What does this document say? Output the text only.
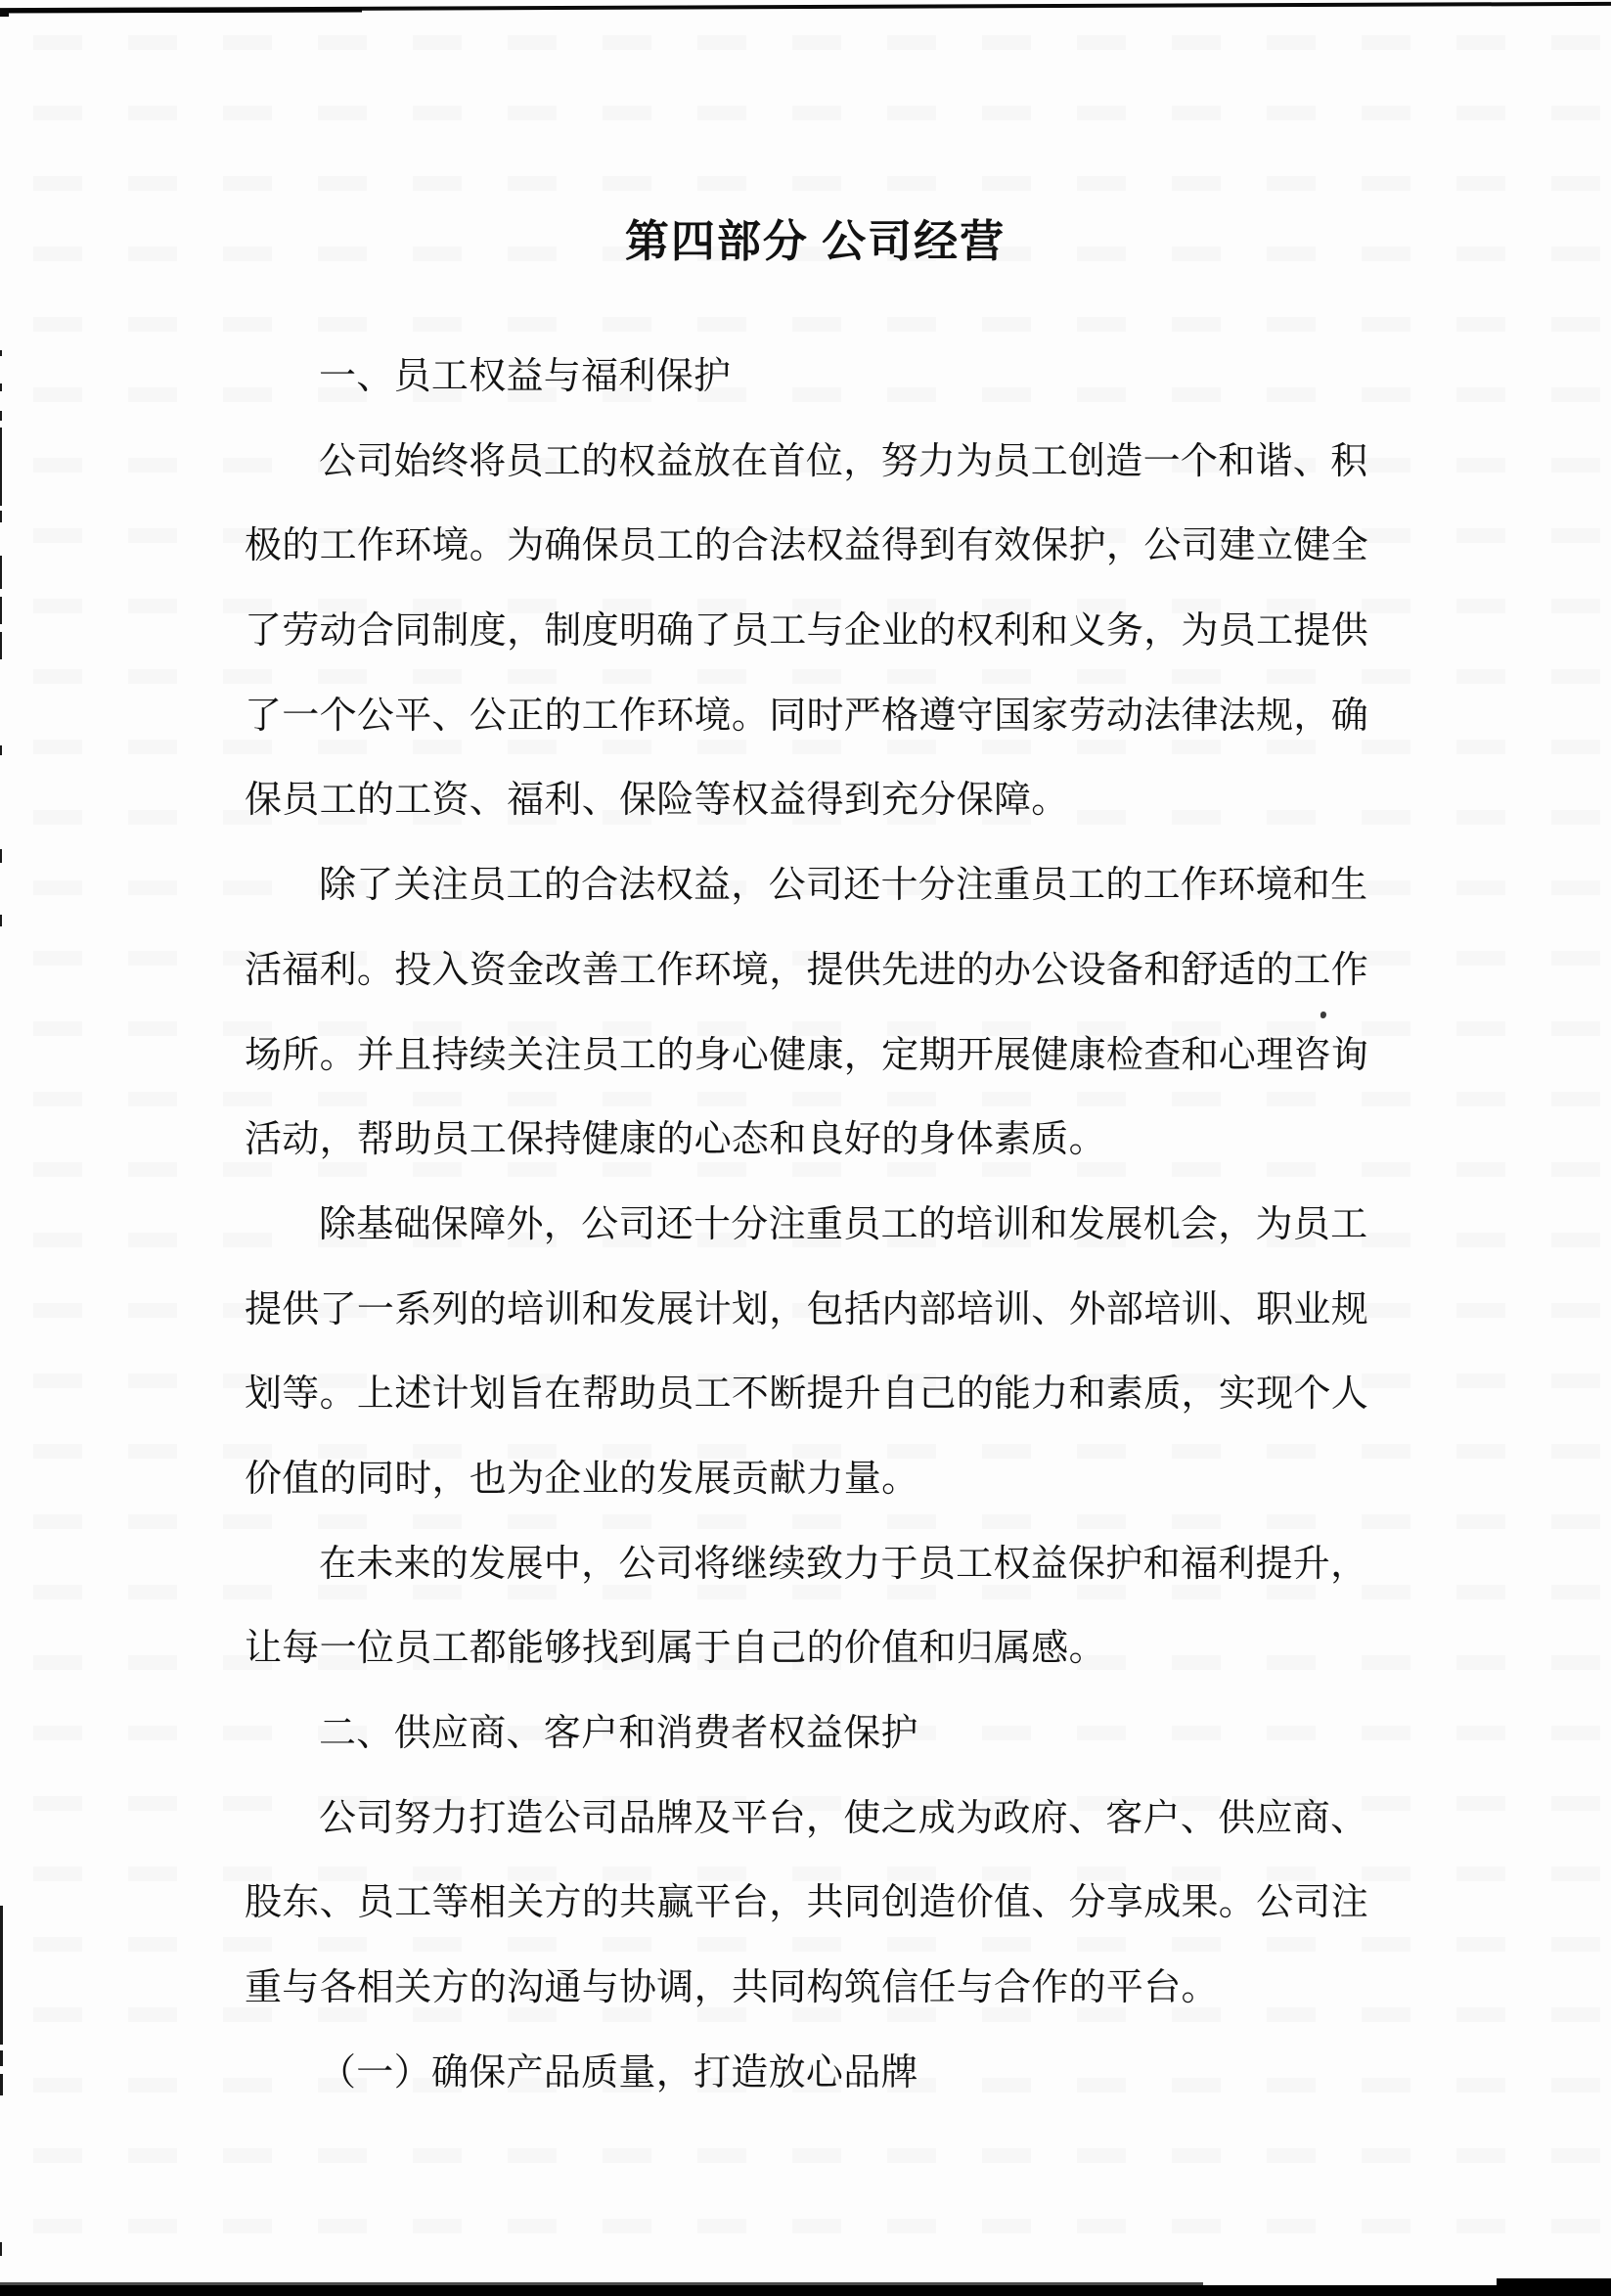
第四部分 公司经营
一、员工权益与福利保护
公司始终将员工的权益放在首位，努力为员工创造一个和谐、积
极的工作环境。为确保员工的合法权益得到有效保护，公司建立健全
了劳动合同制度，制度明确了员工与企业的权利和义务，为员工提供
了一个公平、公正的工作环境。同时严格遵守国家劳动法律法规，确
保员工的工资、福利、保险等权益得到充分保障。
除了关注员工的合法权益，公司还十分注重员工的工作环境和生
活福利。投入资金改善工作环境，提供先进的办公设备和舒适的工作
场所。并且持续关注员工的身心健康，定期开展健康检查和心理咨询
活动，帮助员工保持健康的心态和良好的身体素质。
除基础保障外，公司还十分注重员工的培训和发展机会，为员工
提供了一系列的培训和发展计划，包括内部培训、外部培训、职业规
划等。上述计划旨在帮助员工不断提升自己的能力和素质，实现个人
价值的同时，也为企业的发展贡献力量。
在未来的发展中，公司将继续致力于员工权益保护和福利提升，
让每一位员工都能够找到属于自己的价值和归属感。
二、供应商、客户和消费者权益保护
公司努力打造公司品牌及平台，使之成为政府、客户、供应商、
股东、员工等相关方的共赢平台，共同创造价值、分享成果。公司注
重与各相关方的沟通与协调，共同构筑信任与合作的平台。
（一）确保产品质量，打造放心品牌
